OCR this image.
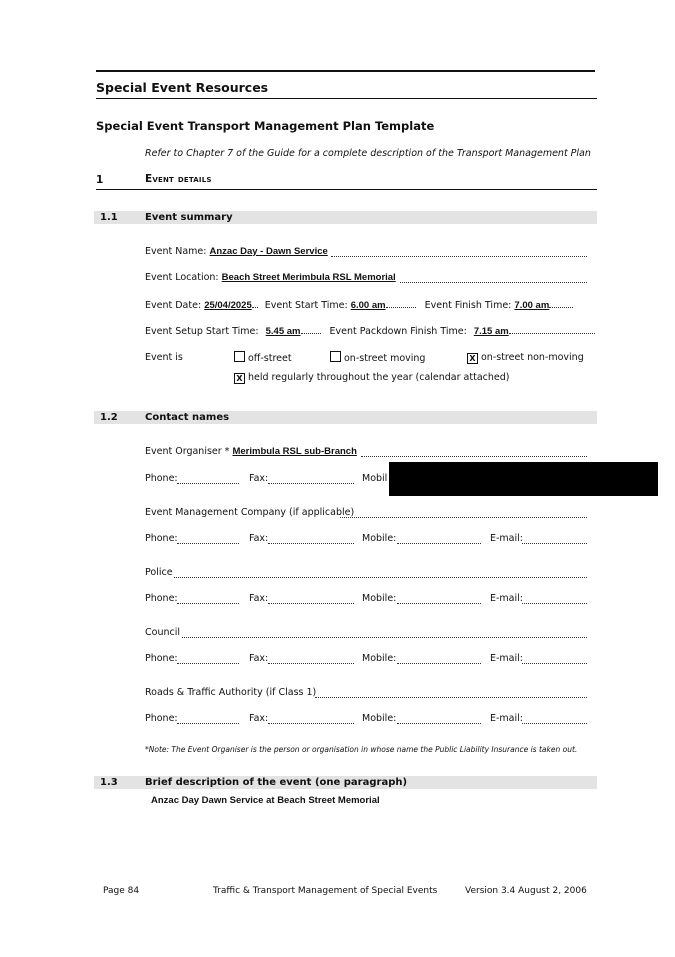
Special Event Resources
Special Event Transport Management Plan Template
Refer to Chapter 7 of the Guide for a complete description of the Transport Management Plan
1	Event details
1.1	Event summary
Event Name: Anzac Day - Dawn Service
Event Location: Beach Street Merimbula RSL Memorial
Event Date: 25/04/2025 Event Start Time: 6.00 am	Event Finish Time: 7.00 am
Event Setup Start Time: 5.45 am	Event Packdown Finish Time: 7.15 am
Event is	off-street	on-street moving	X on-street non-moving
X held regularly throughout the year (calendar attached)
1.2	Contact names
Event Organiser * Merimbula RSL sub-Branch
Phone:	Fax:	Mobil
Event Management Company (if applicable)
Phone:	Fax:	Mobile:	E-mail:
Police
Phone:	Fax:	Mobile:	E-mail:
Council
Phone:	Fax:	Mobile:	E-mail:
Roads & Traffic Authority (if Class 1)
Phone:	Fax:	Mobile:	E-mail:
*Note: The Event Organiser is the person or organisation in whose name the Public Liability Insurance is taken out.
1.3	Brief description of the event (one paragraph)
Anzac Day Dawn Service at Beach Street Memorial
Page 84	Traffic & Transport Management of Special Events	Version 3.4 August 2, 2006
